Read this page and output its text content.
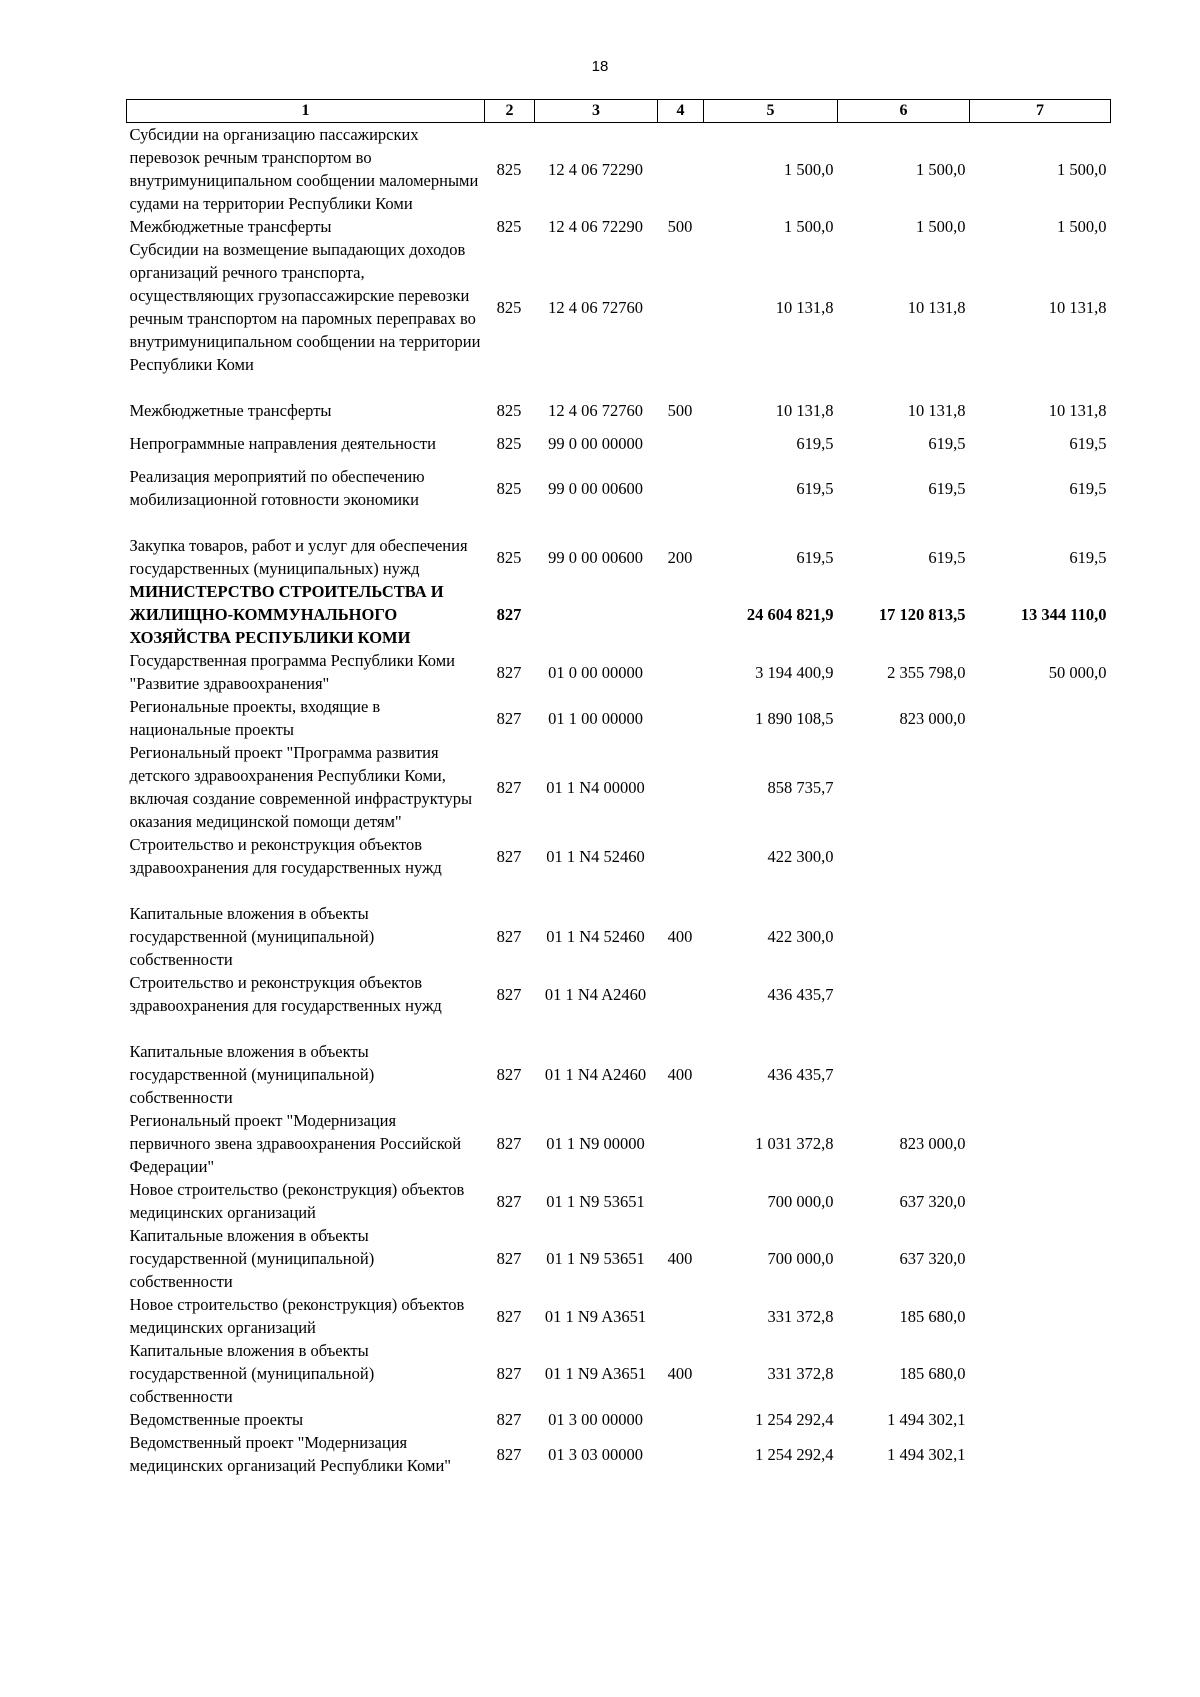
18
1	2	3	4	5	6	7
Субсидии на организацию пассажирских перевозок речным транспортом во внутримуниципальном сообщении маломерными судами на территории Республики Коми	825	12 4 06 72290		1 500,0	1 500,0	1 500,0
Межбюджетные трансферты	825	12 4 06 72290	500	1 500,0	1 500,0	1 500,0
Субсидии на возмещение выпадающих доходов организаций речного транспорта, осуществляющих грузопассажирские перевозки речным транспортом на паромных переправах во внутримуниципальном сообщении на территории Республики Коми	825	12 4 06 72760		10 131,8	10 131,8	10 131,8
Межбюджетные трансферты	825	12 4 06 72760	500	10 131,8	10 131,8	10 131,8
Непрограммные направления деятельности	825	99 0 00 00000		619,5	619,5	619,5
Реализация мероприятий по обеспечению мобилизационной готовности экономики	825	99 0 00 00600		619,5	619,5	619,5
Закупка товаров, работ и услуг для обеспечения государственных (муниципальных) нужд	825	99 0 00 00600	200	619,5	619,5	619,5
МИНИСТЕРСТВО СТРОИТЕЛЬСТВА И ЖИЛИЩНО-КОММУНАЛЬНОГО ХОЗЯЙСТВА РЕСПУБЛИКИ КОМИ	827			24 604 821,9	17 120 813,5	13 344 110,0
Государственная программа Республики Коми "Развитие здравоохранения"	827	01 0 00 00000		3 194 400,9	2 355 798,0	50 000,0
Региональные проекты, входящие в национальные проекты	827	01 1 00 00000		1 890 108,5	823 000,0	
Региональный проект "Программа развития детского здравоохранения Республики Коми, включая создание современной инфраструктуры оказания медицинской помощи детям"	827	01 1 N4 00000		858 735,7		
Строительство и реконструкция объектов здравоохранения для государственных нужд	827	01 1 N4 52460		422 300,0		
Капитальные вложения в объекты государственной (муниципальной) собственности	827	01 1 N4 52460	400	422 300,0		
Строительство и реконструкция объектов здравоохранения для государственных нужд	827	01 1 N4 A2460		436 435,7		
Капитальные вложения в объекты государственной (муниципальной) собственности	827	01 1 N4 A2460	400	436 435,7		
Региональный проект "Модернизация первичного звена здравоохранения Российской Федерации"	827	01 1 N9 00000		1 031 372,8	823 000,0	
Новое строительство (реконструкция) объектов медицинских организаций	827	01 1 N9 53651		700 000,0	637 320,0	
Капитальные вложения в объекты государственной (муниципальной) собственности	827	01 1 N9 53651	400	700 000,0	637 320,0	
Новое строительство (реконструкция) объектов медицинских организаций	827	01 1 N9 A3651		331 372,8	185 680,0	
Капитальные вложения в объекты государственной (муниципальной) собственности	827	01 1 N9 A3651	400	331 372,8	185 680,0	
Ведомственные проекты	827	01 3 00 00000		1 254 292,4	1 494 302,1	
Ведомственный проект "Модернизация медицинских организаций Республики Коми"	827	01 3 03 00000		1 254 292,4	1 494 302,1	
